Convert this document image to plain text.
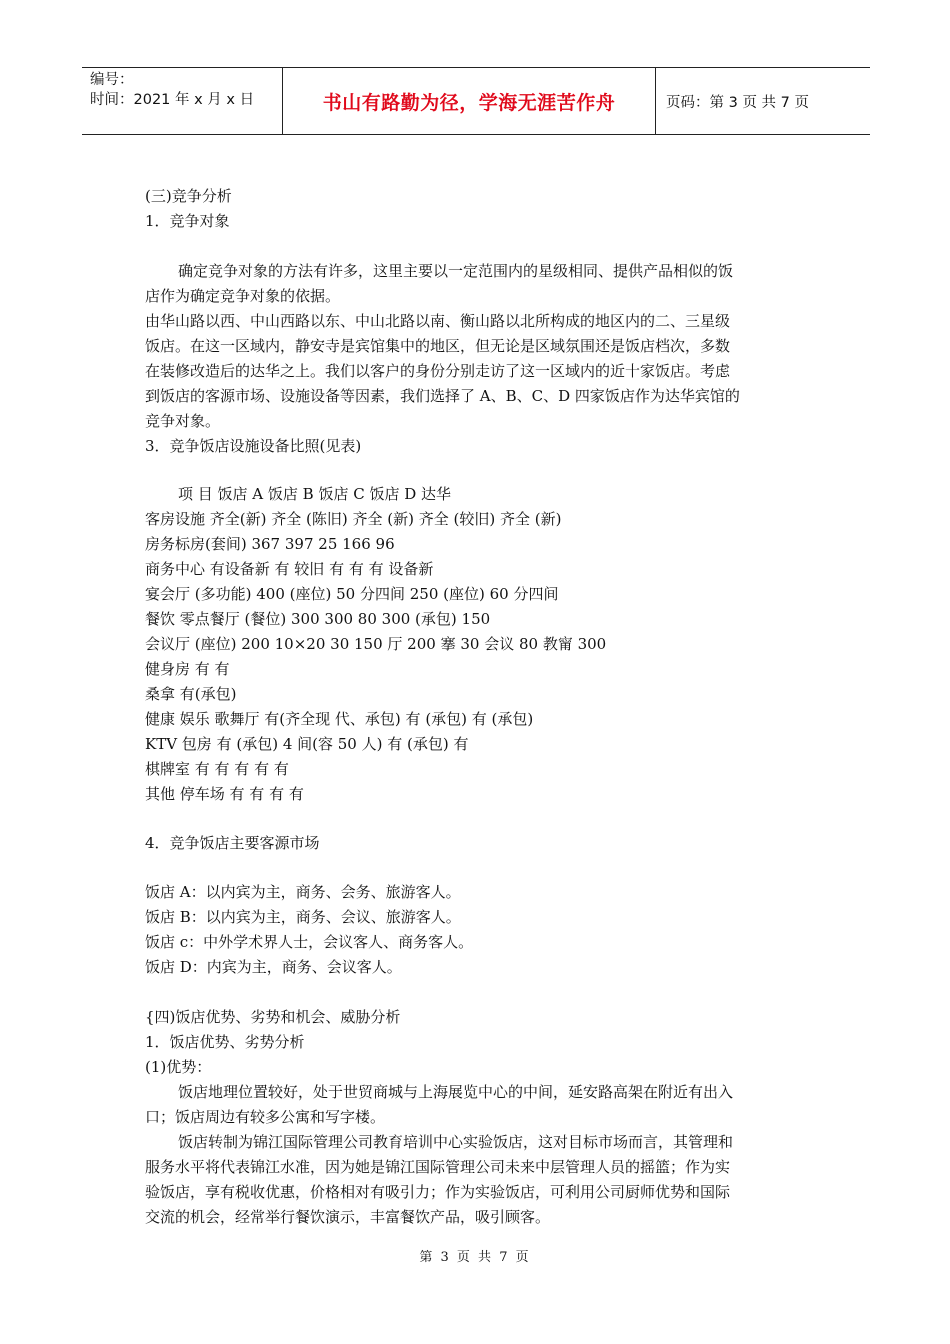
编号：
时间：2021 年 x 月 x 日	书山有路勤为径，学海无涯苦作舟	页码：第 3 页 共 7 页
(三)竞争分析
1．竞争对象
确定竞争对象的方法有许多，这里主要以一定范围内的星级相同、提供产品相似的饭
店作为确定竞争对象的依据。
由华山路以西、中山西路以东、中山北路以南、衡山路以北所构成的地区内的二、三星级
饭店。在这一区域内，静安寺是宾馆集中的地区，但无论是区域氛围还是饭店档次，多数
在装修改造后的达华之上。我们以客户的身份分别走访了这一区域内的近十家饭店。考虑
到饭店的客源市场、设施设备等因素，我们选择了 A、B、C、D 四家饭店作为达华宾馆的
竞争对象。
3．竞争饭店设施设备比照(见表)
项 目 饭店 A 饭店 B 饭店 C 饭店 D 达华
客房设施 齐全(新) 齐全 (陈旧) 齐全 (新) 齐全 (较旧) 齐全 (新)
房务标房(套间) 367 397 25 166 96
商务中心 有设备新 有 较旧 有 有 有 设备新
宴会厅 (多功能) 400 (座位) 50 分四间 250 (座位) 60 分四间
餐饮 零点餐厅 (餐位) 300 300 80 300 (承包) 150
会议厅 (座位) 200 10×20 30 150 厅 200 搴 30 会议 80 教甯 300
健身房 有 有
桑拿 有(承包)
健康 娱乐 歌舞厅 有(齐全现 代、承包) 有 (承包) 有 (承包)
KTV 包房 有 (承包) 4 间(容 50 人) 有 (承包) 有
棋牌室 有 有 有 有 有
其他 停车场 有 有 有 有
4．竞争饭店主要客源市场
饭店 A：以内宾为主，商务、会务、旅游客人。
饭店 B：以内宾为主，商务、会议、旅游客人。
饭店 c：中外学术界人士，会议客人、商务客人。
饭店 D：内宾为主，商务、会议客人。
{四)饭店优势、劣势和机会、威胁分析
1．饭店优势、劣势分析
(1)优势：
饭店地理位置较好，处于世贸商城与上海展览中心的中间，延安路高架在附近有出入
口；饭店周边有较多公寓和写字楼。
饭店转制为锦江国际管理公司教育培训中心实验饭店，这对目标市场而言，其管理和
服务水平将代表锦江水准，因为她是锦江国际管理公司未来中层管理人员的摇篮；作为实
验饭店，享有税收优惠，价格相对有吸引力；作为实验饭店，可利用公司厨师优势和国际
交流的机会，经常举行餐饮演示，丰富餐饮产品，吸引顾客。
第 3 页 共 7 页
